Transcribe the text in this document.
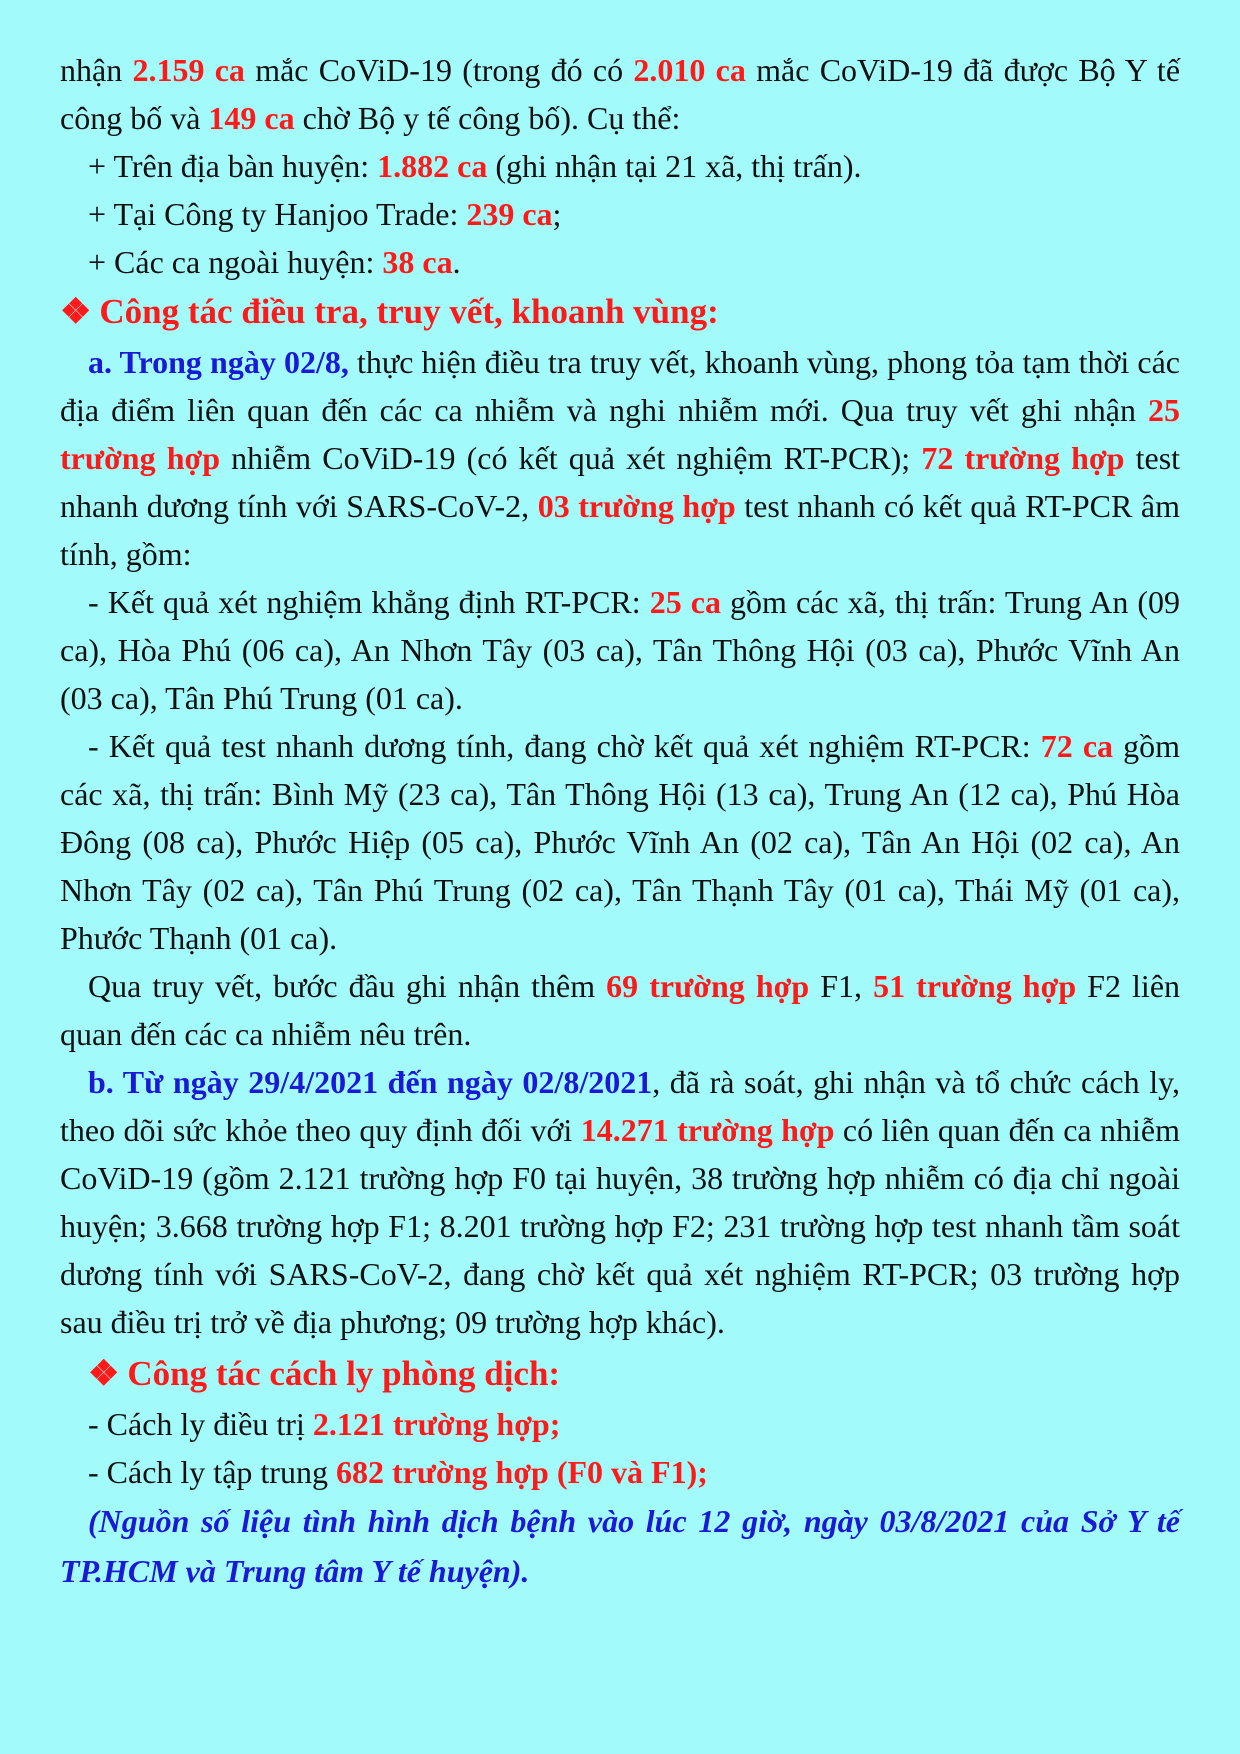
nhận 2.159 ca mắc CoViD-19 (trong đó có 2.010 ca mắc CoViD-19 đã được Bộ Y tế công bố và 149 ca chờ Bộ y tế công bố). Cụ thể:

+ Trên địa bàn huyện: 1.882 ca (ghi nhận tại 21 xã, thị trấn).

+ Tại Công ty Hanjoo Trade: 239 ca;

+ Các ca ngoài huyện: 38 ca.

❖ Công tác điều tra, truy vết, khoanh vùng:

a. Trong ngày 02/8, thực hiện điều tra truy vết, khoanh vùng, phong tỏa tạm thời các địa điểm liên quan đến các ca nhiễm và nghi nhiễm mới. Qua truy vết ghi nhận 25 trường hợp nhiễm CoViD-19 (có kết quả xét nghiệm RT-PCR); 72 trường hợp test nhanh dương tính với SARS-CoV-2, 03 trường hợp test nhanh có kết quả RT-PCR âm tính, gồm:

- Kết quả xét nghiệm khẳng định RT-PCR: 25 ca gồm các xã, thị trấn: Trung An (09 ca), Hòa Phú (06 ca), An Nhơn Tây (03 ca), Tân Thông Hội (03 ca), Phước Vĩnh An (03 ca), Tân Phú Trung (01 ca).

- Kết quả test nhanh dương tính, đang chờ kết quả xét nghiệm RT-PCR: 72 ca gồm các xã, thị trấn: Bình Mỹ (23 ca), Tân Thông Hội (13 ca), Trung An (12 ca), Phú Hòa Đông (08 ca), Phước Hiệp (05 ca), Phước Vĩnh An (02 ca), Tân An Hội (02 ca), An Nhơn Tây (02 ca), Tân Phú Trung (02 ca), Tân Thạnh Tây (01 ca), Thái Mỹ (01 ca), Phước Thạnh (01 ca).

Qua truy vết, bước đầu ghi nhận thêm 69 trường hợp F1, 51 trường hợp F2 liên quan đến các ca nhiễm nêu trên.

b. Từ ngày 29/4/2021 đến ngày 02/8/2021, đã rà soát, ghi nhận và tổ chức cách ly, theo dõi sức khỏe theo quy định đối với 14.271 trường hợp có liên quan đến ca nhiễm CoViD-19 (gồm 2.121 trường hợp F0 tại huyện, 38 trường hợp nhiễm có địa chỉ ngoài huyện; 3.668 trường hợp F1; 8.201 trường hợp F2; 231 trường hợp test nhanh tầm soát dương tính với SARS-CoV-2, đang chờ kết quả xét nghiệm RT-PCR; 03 trường hợp sau điều trị trở về địa phương; 09 trường hợp khác).

❖ Công tác cách ly phòng dịch:

- Cách ly điều trị 2.121 trường hợp;

- Cách ly tập trung 682 trường hợp (F0 và F1);

(Nguồn số liệu tình hình dịch bệnh vào lúc 12 giờ, ngày 03/8/2021 của Sở Y tế TP.HCM và Trung tâm Y tế huyện).
